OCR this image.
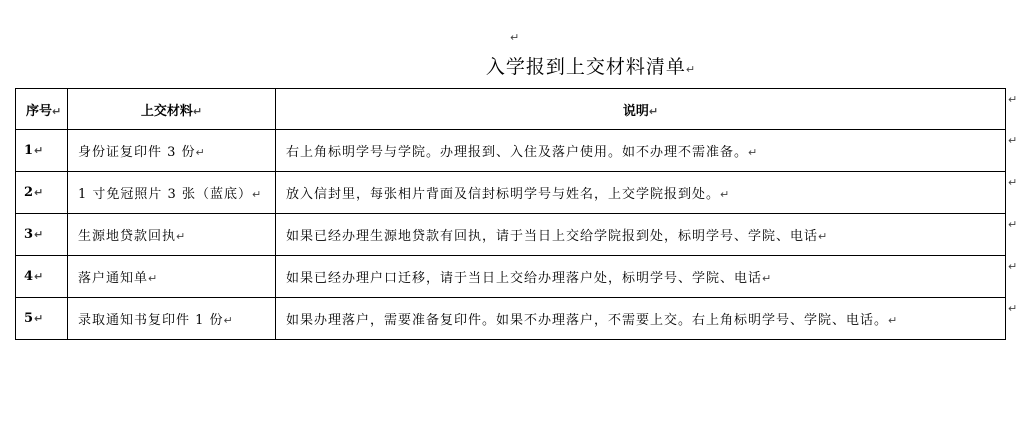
↵
入学报到上交材料清单↵
序号↵	上交材料↵	说明↵
1↵	身份证复印件 3 份↵	右上角标明学号与学院。办理报到、入住及落户使用。如不办理不需准备。↵
2↵	1 寸免冠照片 3 张（蓝底）↵	放入信封里，每张相片背面及信封标明学号与姓名，上交学院报到处。↵
3↵	生源地贷款回执↵	如果已经办理生源地贷款有回执，请于当日上交给学院报到处，标明学号、学院、电话↵
4↵	落户通知单↵	如果已经办理户口迁移，请于当日上交给办理落户处，标明学号、学院、电话↵
5↵	录取通知书复印件 1 份↵	如果办理落户，需要准备复印件。如果不办理落户，不需要上交。右上角标明学号、学院、电话。↵
↵
↵
↵
↵
↵
↵
